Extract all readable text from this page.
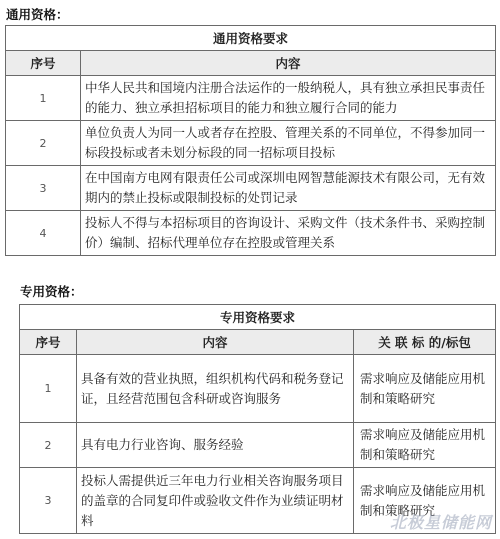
通用资格：
通用资格要求	
序号	内容
1	中华人民共和国境内注册合法运作的一般纳税人，具有独立承担民事责任的能力、独立承担招标项目的能力和独立履行合同的能力
2	单位负责人为同一人或者存在控股、管理关系的不同单位，不得参加同一标段投标或者未划分标段的同一招标项目投标
3	在中国南方电网有限责任公司或深圳电网智慧能源技术有限公司，无有效期内的禁止投标或限制投标的处罚记录
4	投标人不得与本招标项目的咨询设计、采购文件（技术条件书、采购控制价）编制、招标代理单位存在控股或管理关系
专用资格：
专用资格要求		
序号	内容	关 联 标 的/标包
1	具备有效的营业执照，组织机构代码和税务登记证，且经营范围包含科研或咨询服务	需求响应及储能应用机制和策略研究
2	具有电力行业咨询、服务经验	需求响应及储能应用机制和策略研究
3	投标人需提供近三年电力行业相关咨询服务项目的盖章的合同复印件或验收文件作为业绩证明材料	需求响应及储能应用机制和策略研究
北极星储能网
